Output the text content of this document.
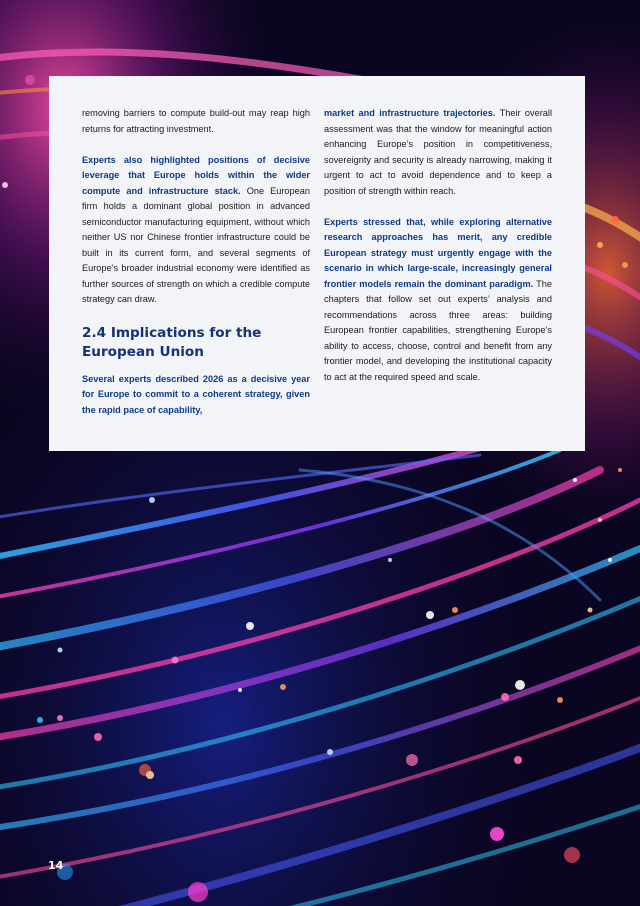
removing barriers to compute build-out may reap high returns for attracting investment.

Experts also highlighted positions of decisive leverage that Europe holds within the wider compute and infrastructure stack. One European firm holds a dominant global position in advanced semiconductor manufacturing equipment, without which neither US nor Chinese frontier infrastructure could be built in its current form, and several segments of Europe’s broader industrial economy were identified as further sources of strength on which a credible compute strategy can draw.

2.4 Implications for the European Union

Several experts described 2026 as a decisive year for Europe to commit to a coherent strategy, given the rapid pace of capability,

market and infrastructure trajectories. Their overall assessment was that the window for meaningful action enhancing Europe’s position in competitiveness, sovereignty and security is already narrowing, making it urgent to act to avoid dependence and to keep a position of strength within reach.

Experts stressed that, while exploring alternative research approaches has merit, any credible European strategy must urgently engage with the scenario in which large-scale, increasingly general frontier models remain the dominant paradigm. The chapters that follow set out experts’ analysis and recommendations across three areas: building European frontier capabilities, strengthening Europe’s ability to access, choose, control and benefit from any frontier model, and developing the institutional capacity to act at the required speed and scale.

14
